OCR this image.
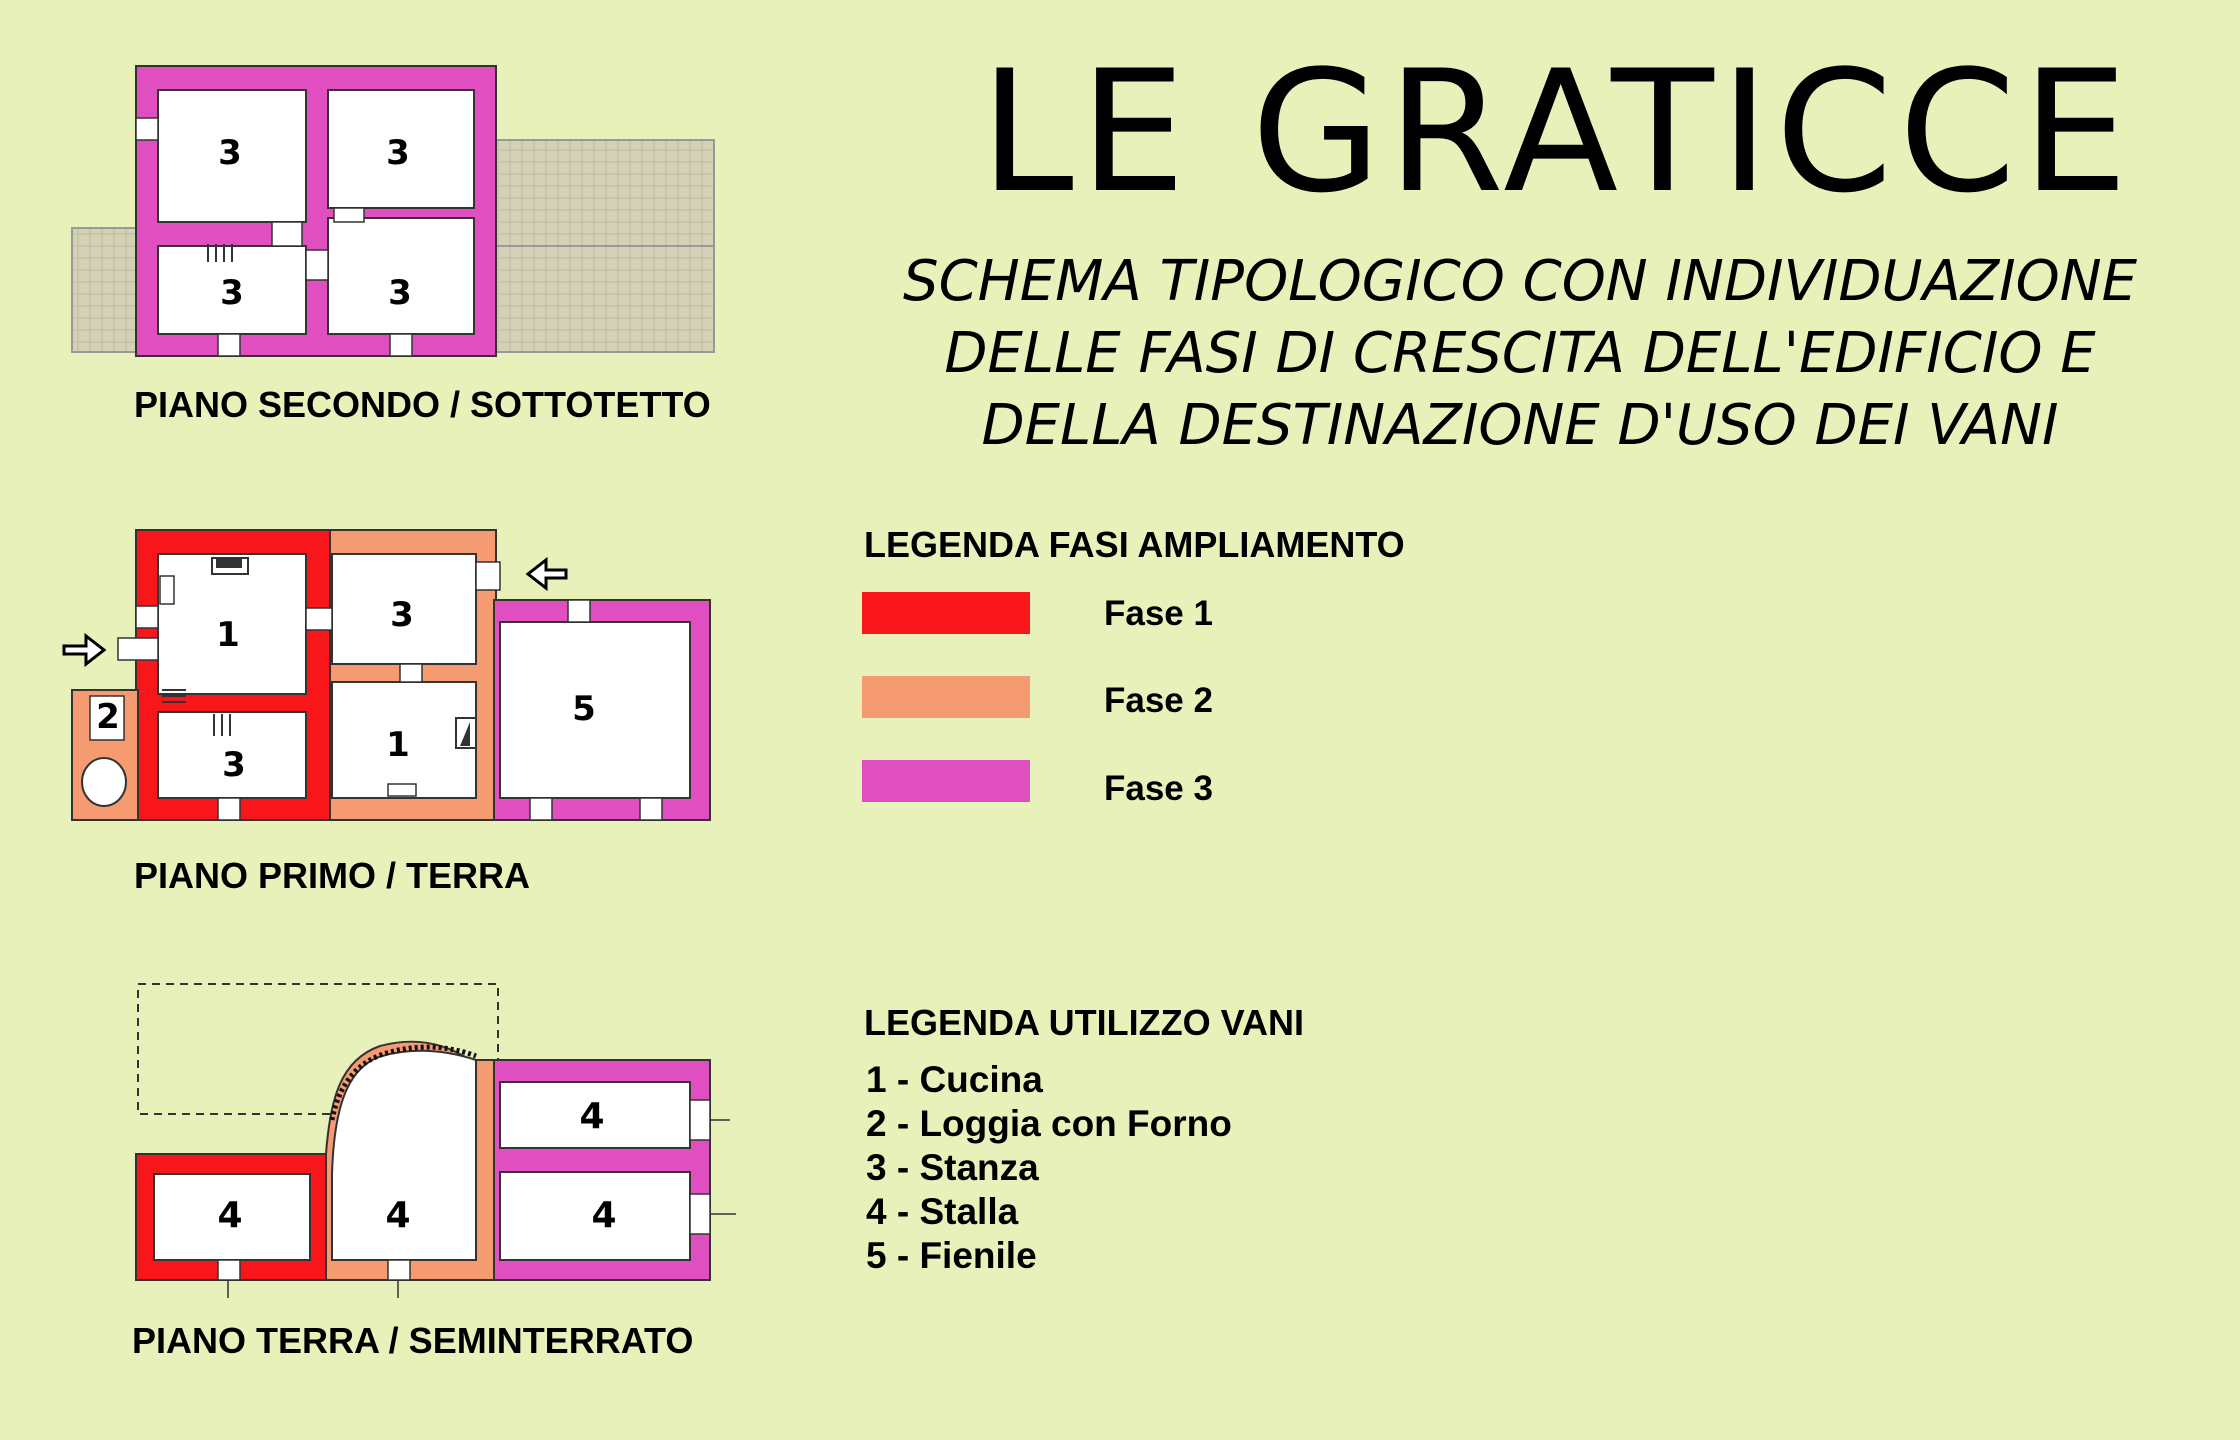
LE GRATICCE
SCHEMA TIPOLOGICO CON INDIVIDUAZIONE
DELLE FASI DI CRESCITA DELL'EDIFICIO E
DELLA DESTINAZIONE D'USO DEI VANI
3	3
3	3
PIANO SECONDO / SOTTOTETTO
1	3
2
3	1
5
PIANO PRIMO / TERRA
4	4
4
4
PIANO TERRA / SEMINTERRATO
LEGENDA FASI AMPLIAMENTO
Fase 1
Fase 2
Fase 3
LEGENDA UTILIZZO VANI
1 - Cucina
2 - Loggia con Forno
3 - Stanza
4 - Stalla
5 - Fienile
